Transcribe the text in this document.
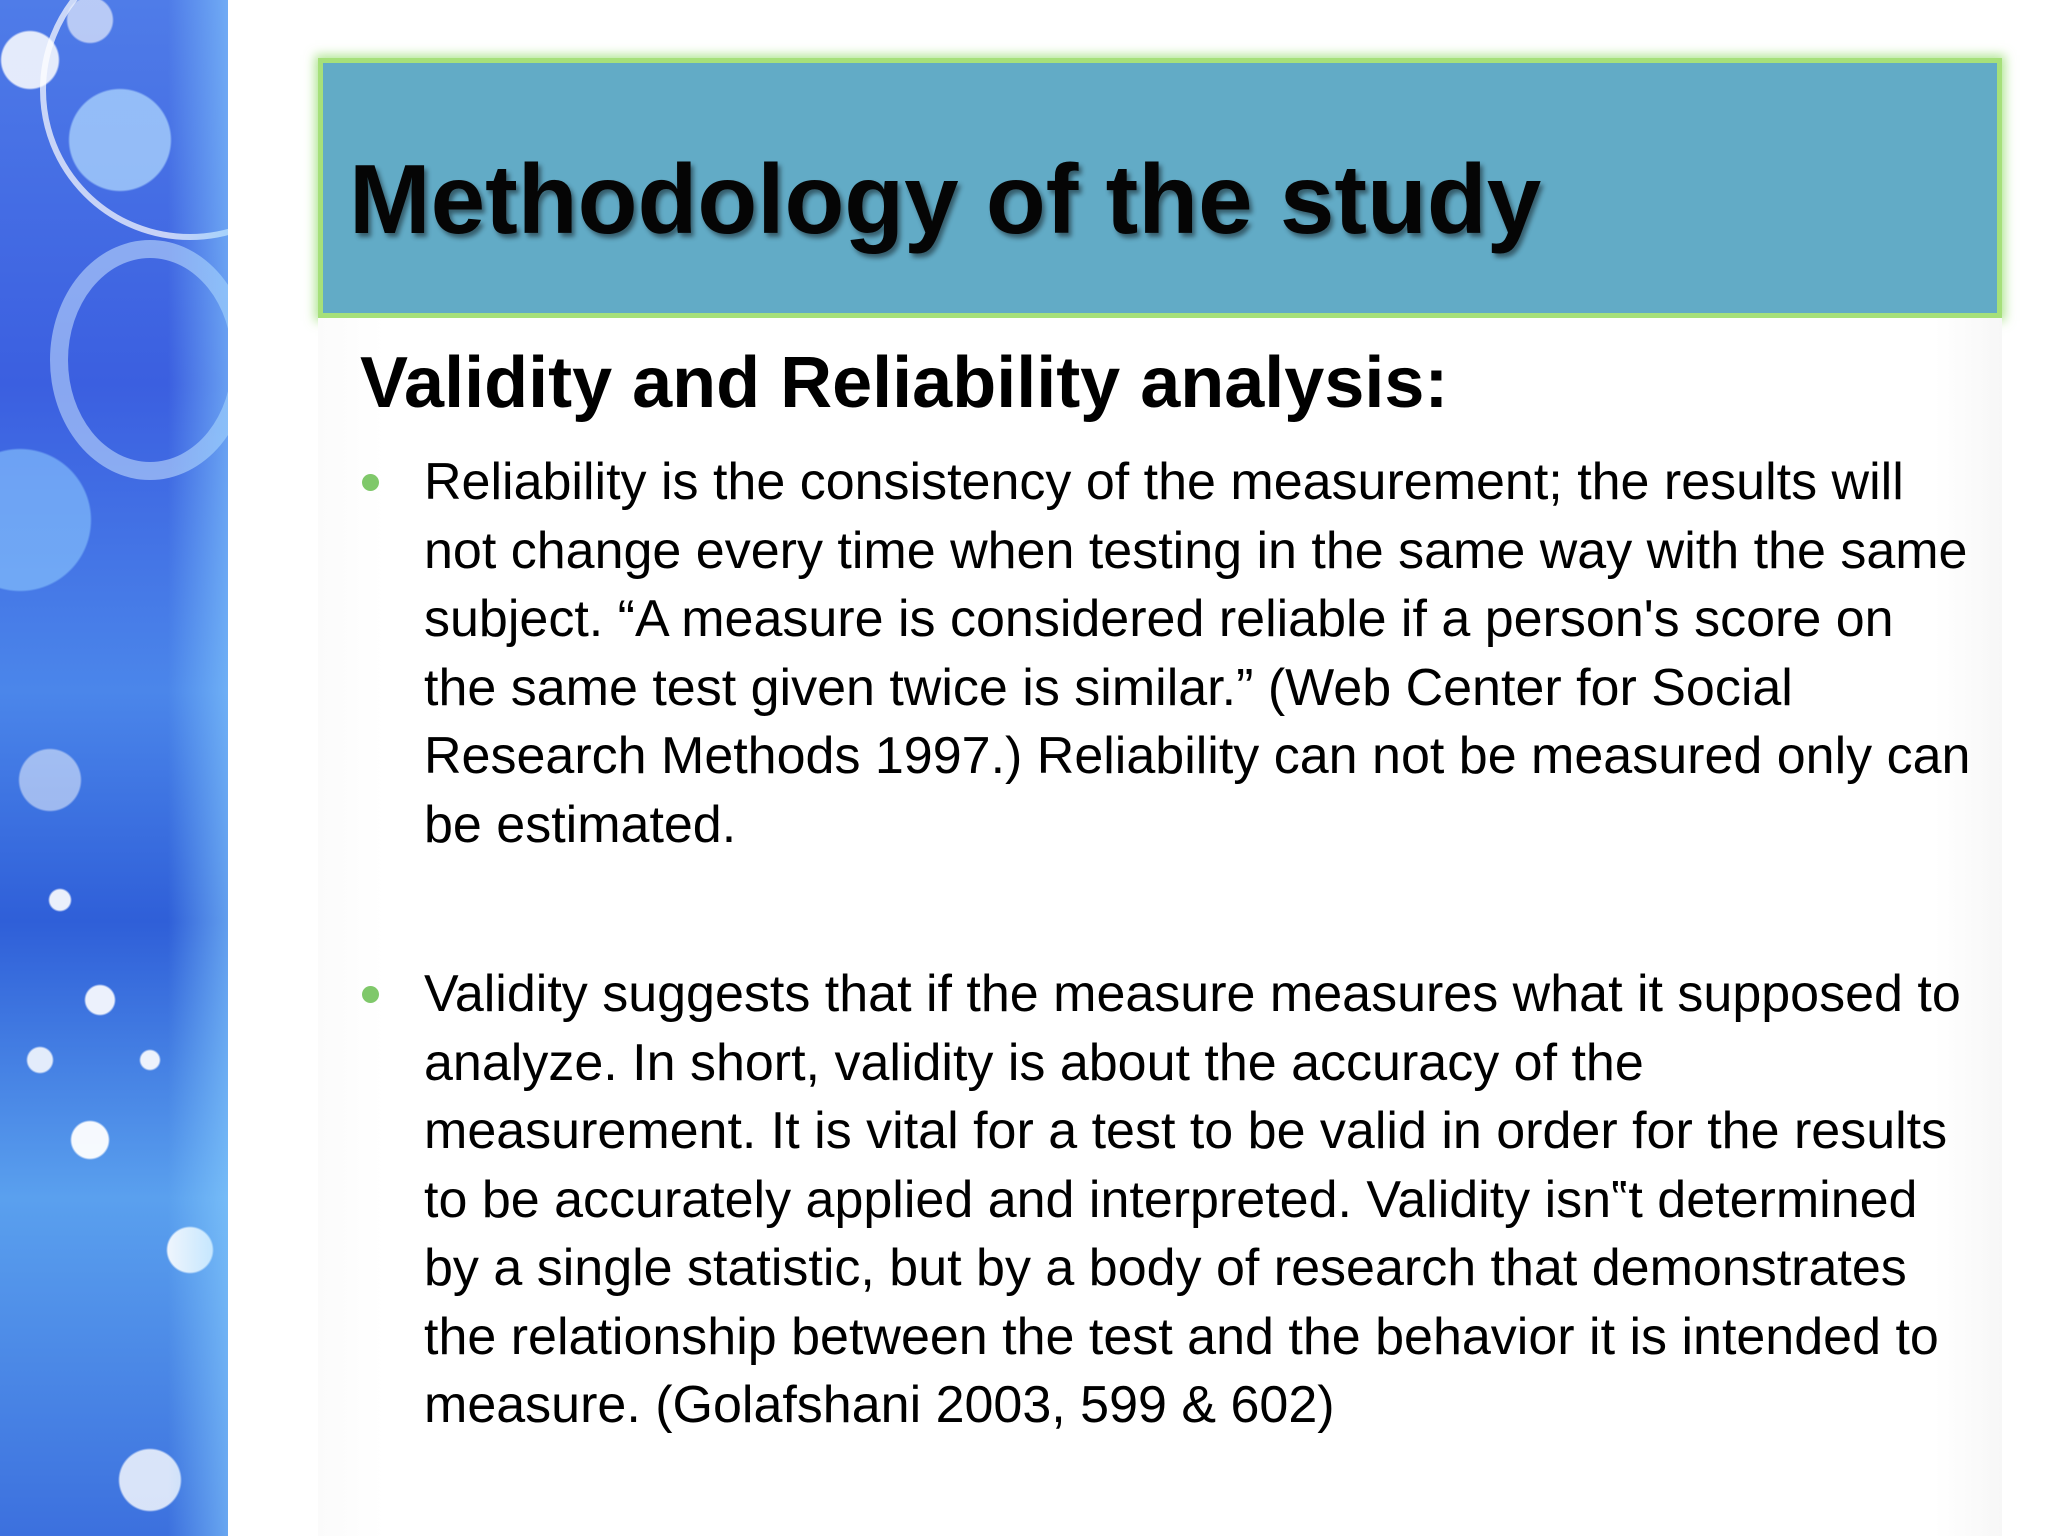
Methodology of the study
Validity and Reliability analysis:
Reliability is the consistency of the measurement; the results will not change every time when testing in the same way with the same subject. “A measure is considered reliable if a person's score on the same test given twice is similar.” (Web Center for Social Research Methods 1997.) Reliability can not be measured only can be estimated.
Validity suggests that if the measure measures what it supposed to analyze. In short, validity is about the accuracy of the measurement. It is vital for a test to be valid in order for the results to be accurately applied and interpreted. Validity isn‟t determined by a single statistic, but by a body of research that demonstrates the relationship between the test and the behavior it is intended to measure. (Golafshani 2003, 599 & 602)
